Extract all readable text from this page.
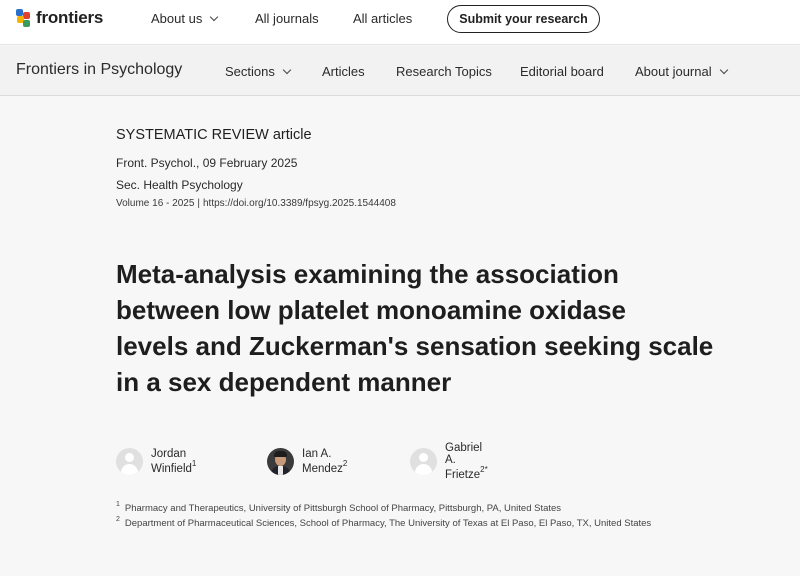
frontiers	About us	All journals	All articles	Submit your research
Frontiers in Psychology	Sections	Articles Research Topics Editorial board About journal
SYSTEMATIC REVIEW article
Front. Psychol., 09 February 2025
Sec. Health Psychology
Volume 16 - 2025 | https://doi.org/10.3389/fpsyg.2025.1544408
Meta-analysis examining the association
between low platelet monoamine oxidase
levels and Zuckerman's sensation seeking scale
in a sex dependent manner
Jordan Winfield$^1$
Ian A. Mendez$^2$
Gabriel A. Frietze$^{2*}$
$^1$ Pharmacy and Therapeutics, University of Pittsburgh School of Pharmacy, Pittsburgh, PA, United States
$^2$ Department of Pharmaceutical Sciences, School of Pharmacy, The University of Texas at El Paso, El Paso, TX, United States
